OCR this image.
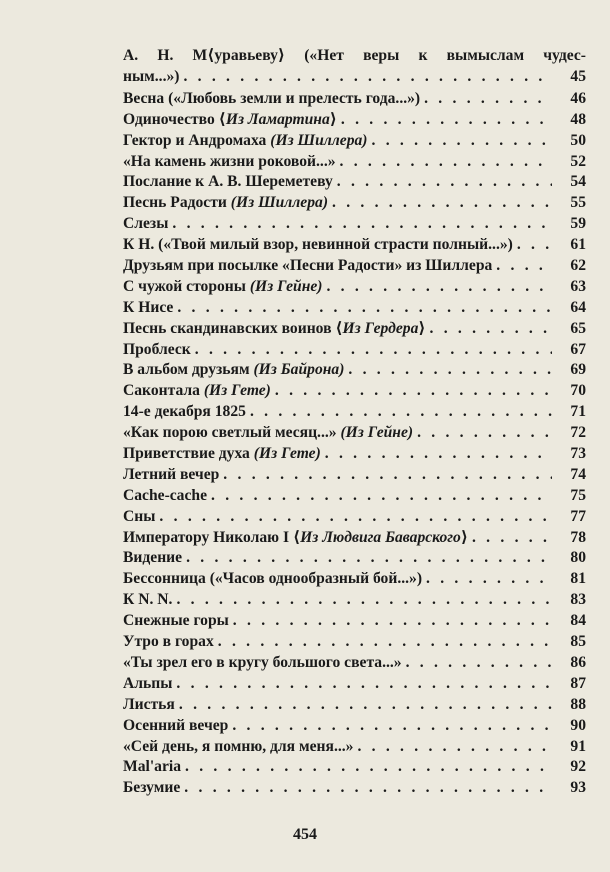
А. Н. М⟨уравьеву⟩ («Нет веры к вымыслам чудес-
ным...») . . .	45
Весна («Любовь земли и прелесть года...») . . .	46
Одиночество ⟨Из Ламартина⟩ . . .	48
Гектор и Андромаха (Из Шиллера) . . .	50
«На камень жизни роковой...» . . .	52
Послание к А. В. Шереметеву . . .	54
Песнь Радости (Из Шиллера) . . .	55
Слезы . . .	59
К Н. («Твой милый взор, невинной страсти полный...») . . .	61
Друзьям при посылке «Песни Радости» из Шиллера . . .	62
С чужой стороны (Из Гейне) . . .	63
К Нисе . . .	64
Песнь скандинавских воинов ⟨Из Гердера⟩ . . .	65
Проблеск . . .	67
В альбом друзьям (Из Байрона) . . .	69
Саконтала (Из Гете) . . .	70
14-е декабря 1825 . . .	71
«Как порою светлый месяц...» (Из Гейне) . . .	72
Приветствие духа (Из Гете) . . .	73
Летний вечер . . .	74
Cache-cache . . .	75
Сны . . .	77
Императору Николаю I ⟨Из Людвига Баварского⟩ . . .	78
Видение . . .	80
Бессонница («Часов однообразный бой...») . . .	81
К N. N. . . .	83
Снежные горы . . .	84
Утро в горах . . .	85
«Ты зрел его в кругу большого света...» . . .	86
Альпы . . .	87
Листья . . .	88
Осенний вечер . . .	90
«Сей день, я помню, для меня...» . . .	91
Mal'aria . . .	92
Безумие . . .	93
454
